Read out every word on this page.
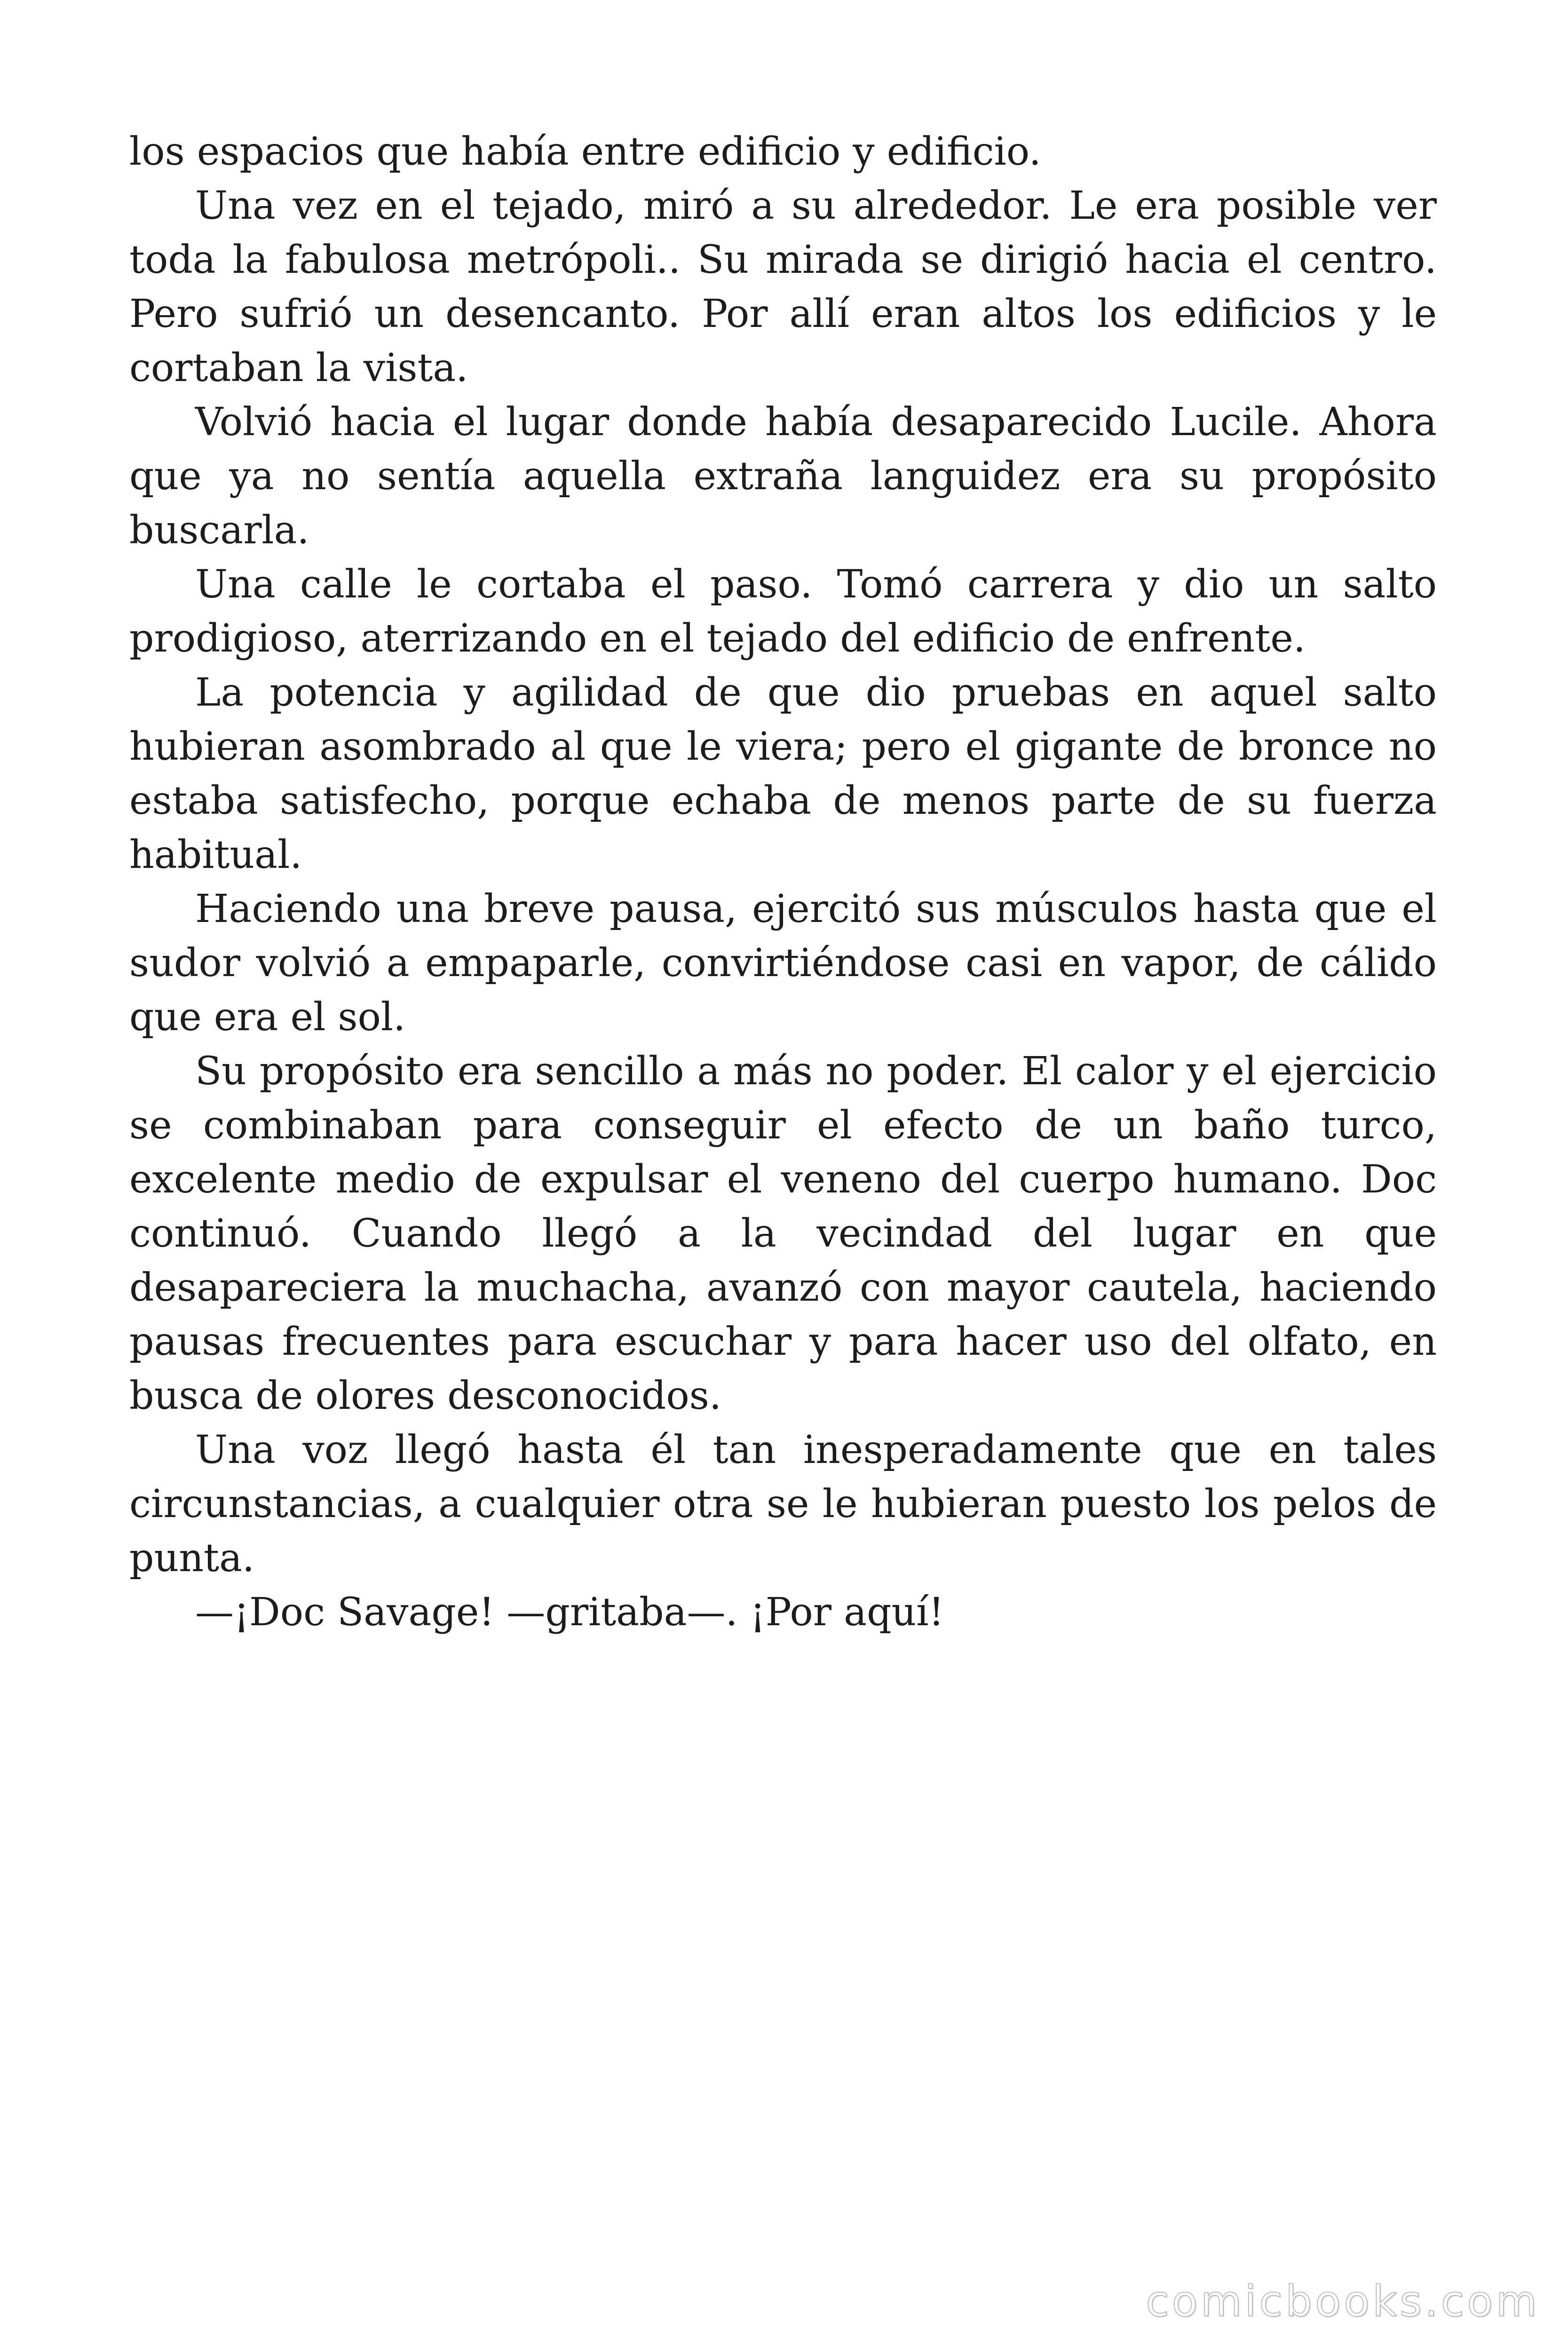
los espacios que había entre edificio y edificio.

Una vez en el tejado, miró a su alrededor. Le era posible ver toda la fabulosa metrópoli.. Su mirada se dirigió hacia el centro. Pero sufrió un desencanto. Por allí eran altos los edificios y le cortaban la vista.

Volvió hacia el lugar donde había desaparecido Lucile. Ahora que ya no sentía aquella extraña languidez era su propósito buscarla.

Una calle le cortaba el paso. Tomó carrera y dio un salto prodigioso, aterrizando en el tejado del edificio de enfrente.

La potencia y agilidad de que dio pruebas en aquel salto hubieran asombrado al que le viera; pero el gigante de bronce no estaba satisfecho, porque echaba de menos parte de su fuerza habitual.

Haciendo una breve pausa, ejercitó sus músculos hasta que el sudor volvió a empaparle, convirtiéndose casi en vapor, de cálido que era el sol.

Su propósito era sencillo a más no poder. El calor y el ejercicio se combinaban para conseguir el efecto de un baño turco, excelente medio de expulsar el veneno del cuerpo humano. Doc continuó. Cuando llegó a la vecindad del lugar en que desapareciera la muchacha, avanzó con mayor cautela, haciendo pausas frecuentes para escuchar y para hacer uso del olfato, en busca de olores desconocidos.

Una voz llegó hasta él tan inesperadamente que en tales circunstancias, a cualquier otra se le hubieran puesto los pelos de punta.

—¡Doc Savage! —gritaba—. ¡Por aquí!

comicbooks.com
